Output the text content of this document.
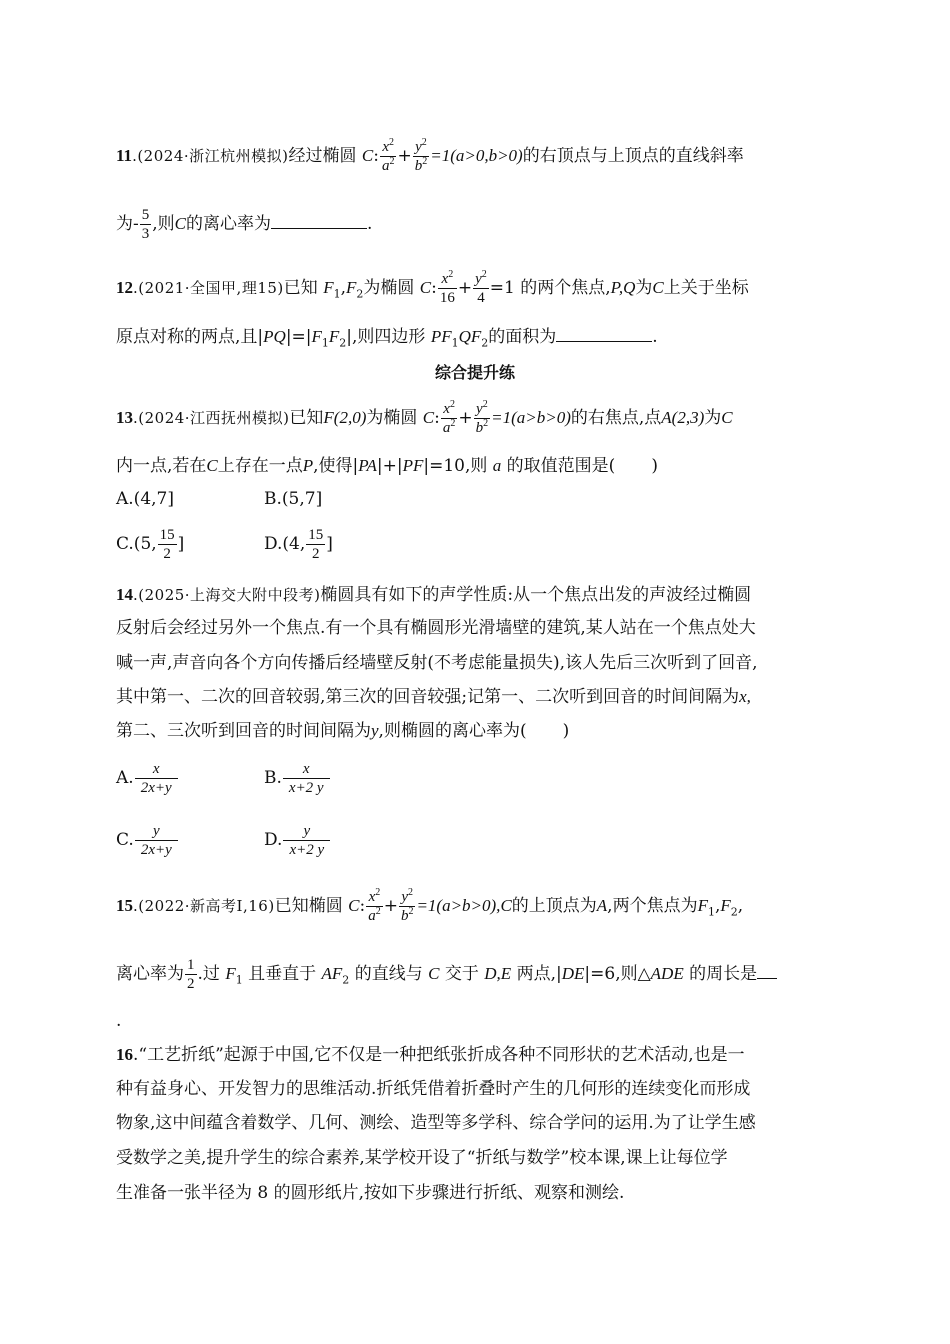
11.(2024·浙江杭州模拟)经过椭圆 C: $\frac{x^2}{a^2} + \frac{y^2}{b^2} =1(a>0,b>0)$的右顶点与上顶点的直线斜率
为- $\frac{5}{3}$ ,则C的离心率为	.
12.(2021·全国甲,理15)已知 $F_1,F_2$为椭圆 C: $\frac{x^2}{16} + \frac{y^2}{4} =1$ 的两个焦点,P,Q为C上关于坐标
原点对称的两点,且$|PQ|=|F_1F_2|$,则四边形 $PF_1QF_2$的面积为	.
综合提升练
13.(2024·江西抚州模拟)已知F(2,0)为椭圆 C: $\frac{x^2}{a^2} + \frac{y^2}{b^2} =1(a>b>0)$的右焦点,点A(2,3)为C
内一点,若在C上存在一点P,使得|PA|+|PF|=10,则 a 的取值范围是( )
A.(4,7]	B.(5,7]
C.(5, $\frac{15}{2}$ ]	D.(4, $\frac{15}{2}$ ]
14.(2025·上海交大附中段考)椭圆具有如下的声学性质:从一个焦点出发的声波经过椭圆
反射后会经过另外一个焦点.有一个具有椭圆形光滑墙壁的建筑,某人站在一个焦点处大
喊一声,声音向各个方向传播后经墙壁反射(不考虑能量损失),该人先后三次听到了回音,
其中第一、二次的回音较弱,第三次的回音较强;记第一、二次听到回音的时间间隔为x,
第二、三次听到回音的时间间隔为y,则椭圆的离心率为( )
A. $\frac{x}{2x+y}$	B. $\frac{x}{x+2 y}$
C. $\frac{y}{2x+y}$	D. $\frac{y}{x+2 y}$
15.(2022·新高考Ⅰ,16)已知椭圆 C: $\frac{x^2}{a^2} + \frac{y^2}{b^2} =1(a>b>0),C$的上顶点为A,两个焦点为$F_1,F_2$,
离心率为 $\frac{1}{2}$ .过 $F_1$ 且垂直于 $AF_2$ 的直线与 C 交于 D,E 两点,|DE|=6,则△ADE 的周长是
.
16.“工艺折纸”起源于中国,它不仅是一种把纸张折成各种不同形状的艺术活动,也是一
种有益身心、开发智力的思维活动.折纸凭借着折叠时产生的几何形的连续变化而形成
物象,这中间蕴含着数学、几何、测绘、造型等多学科、综合学问的运用.为了让学生感
受数学之美,提升学生的综合素养,某学校开设了“折纸与数学”校本课,课上让每位学
生准备一张半径为 8 的圆形纸片,按如下步骤进行折纸、观察和测绘.
